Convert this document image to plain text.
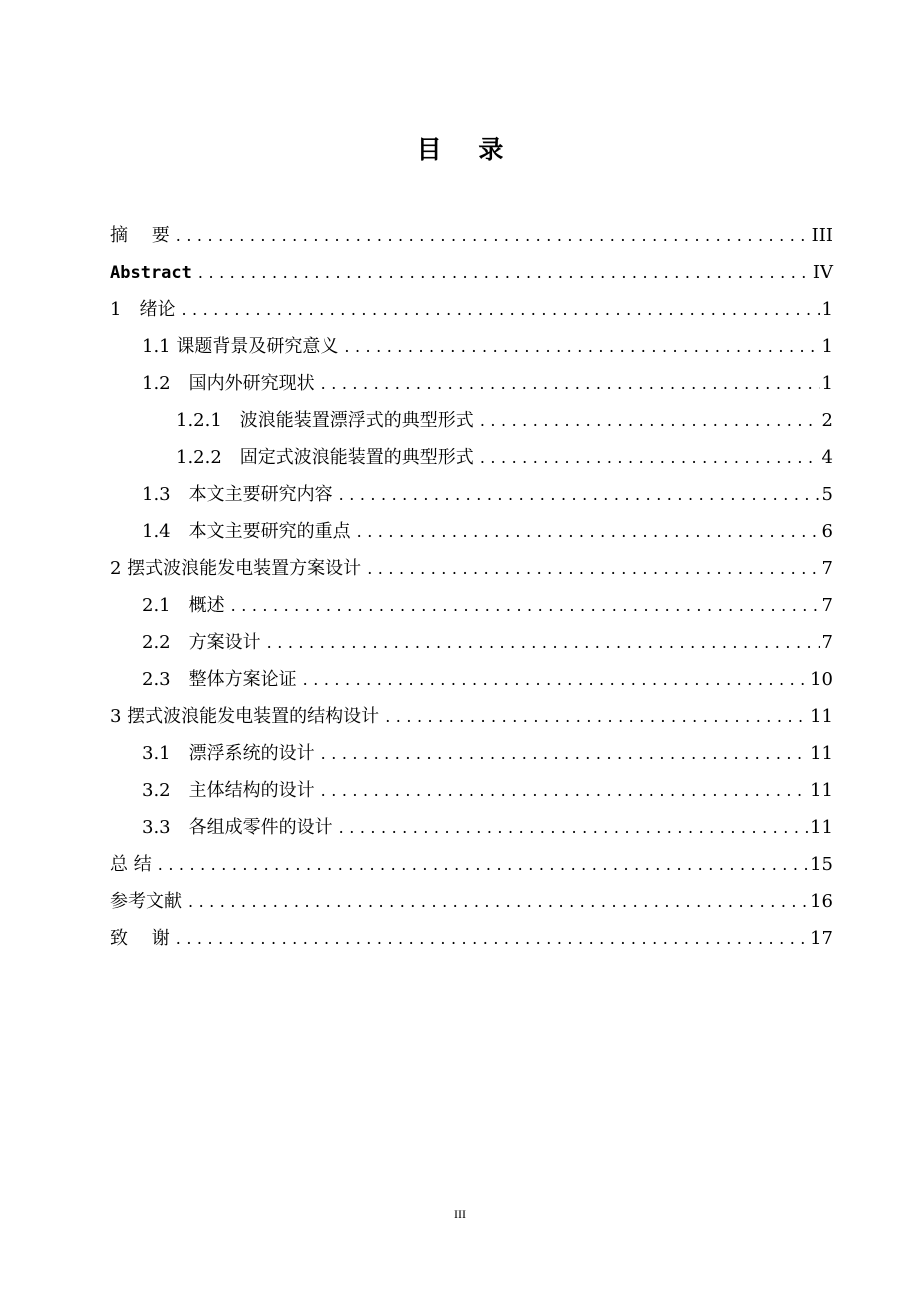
目 录
摘　 要 .....	III
Abstract .....	IV
1　绪论 .....	1
1.1 课题背景及研究意义 .....	1
1.2　国内外研究现状 .....	1
1.2.1　波浪能装置漂浮式的典型形式 .....	2
1.2.2　固定式波浪能装置的典型形式 .....	4
1.3　本文主要研究内容 .....	5
1.4　本文主要研究的重点 .....	6
2 摆式波浪能发电装置方案设计 .....	7
2.1　概述 .....	7
2.2　方案设计 .....	7
2.3　整体方案论证 .....	10
3 摆式波浪能发电装置的结构设计 .....	11
3.1　漂浮系统的设计 .....	11
3.2　主体结构的设计 .....	11
3.3　各组成零件的设计 .....	11
总 结 .....	15
参考文献 .....	16
致　 谢 .....	17
III
